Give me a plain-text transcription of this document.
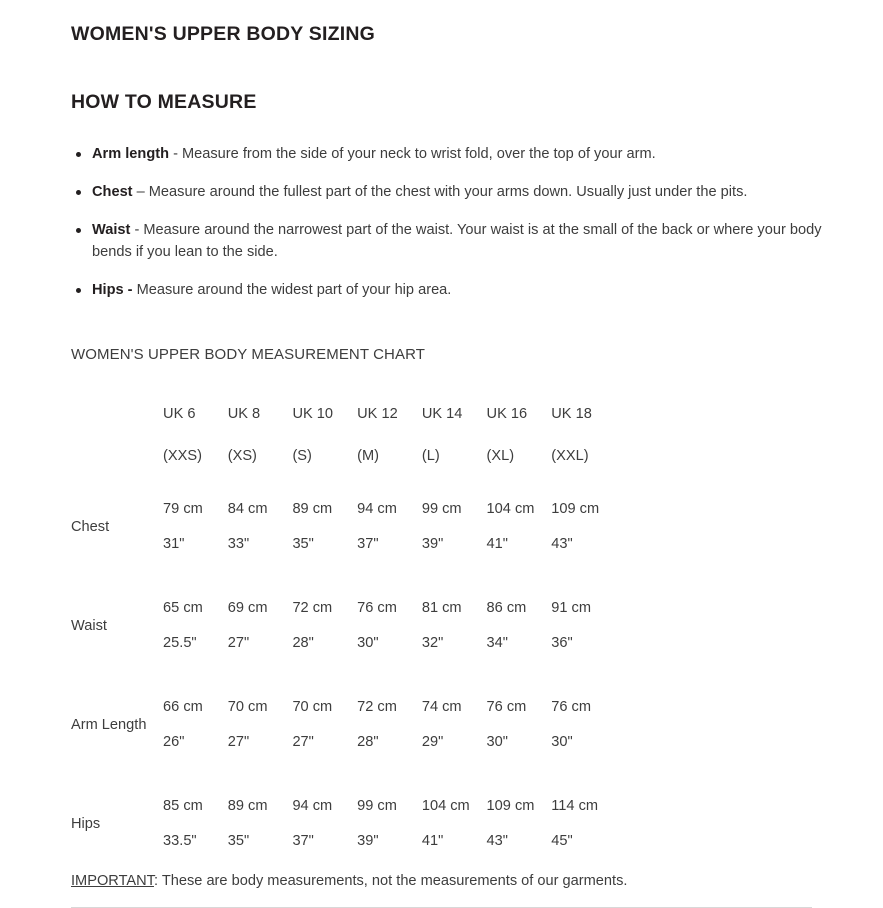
WOMEN'S UPPER BODY SIZING
HOW TO MEASURE
Arm length - Measure from the side of your neck to wrist fold, over the top of your arm.
Chest – Measure around the fullest part of the chest with your arms down. Usually just under the pits.
Waist - Measure around the narrowest part of the waist. Your waist is at the small of the back or where your body bends if you lean to the side.
Hips - Measure around the widest part of your hip area.
WOMEN'S UPPER BODY MEASUREMENT CHART
	UK 6	UK 8	UK 10	UK 12	UK 14	UK 16	UK 18
	(XXS)	(XS)	(S)	(M)	(L)	(XL)	(XXL)
Chest	79 cm	84 cm	89 cm	94 cm	99 cm	104 cm	109 cm
	31"	33"	35"	37"	39"	41"	43"

Waist	65 cm	69 cm	72 cm	76 cm	81 cm	86 cm	91 cm
	25.5"	27"	28"	30"	32"	34"	36"

Arm Length	66 cm	70 cm	70 cm	72 cm	74 cm	76 cm	76 cm
	26"	27"	27"	28"	29"	30"	30"

Hips	85 cm	89 cm	94 cm	99 cm	104 cm	109 cm	114 cm
	33.5"	35"	37"	39"	41"	43"	45"
IMPORTANT: These are body measurements, not the measurements of our garments.
